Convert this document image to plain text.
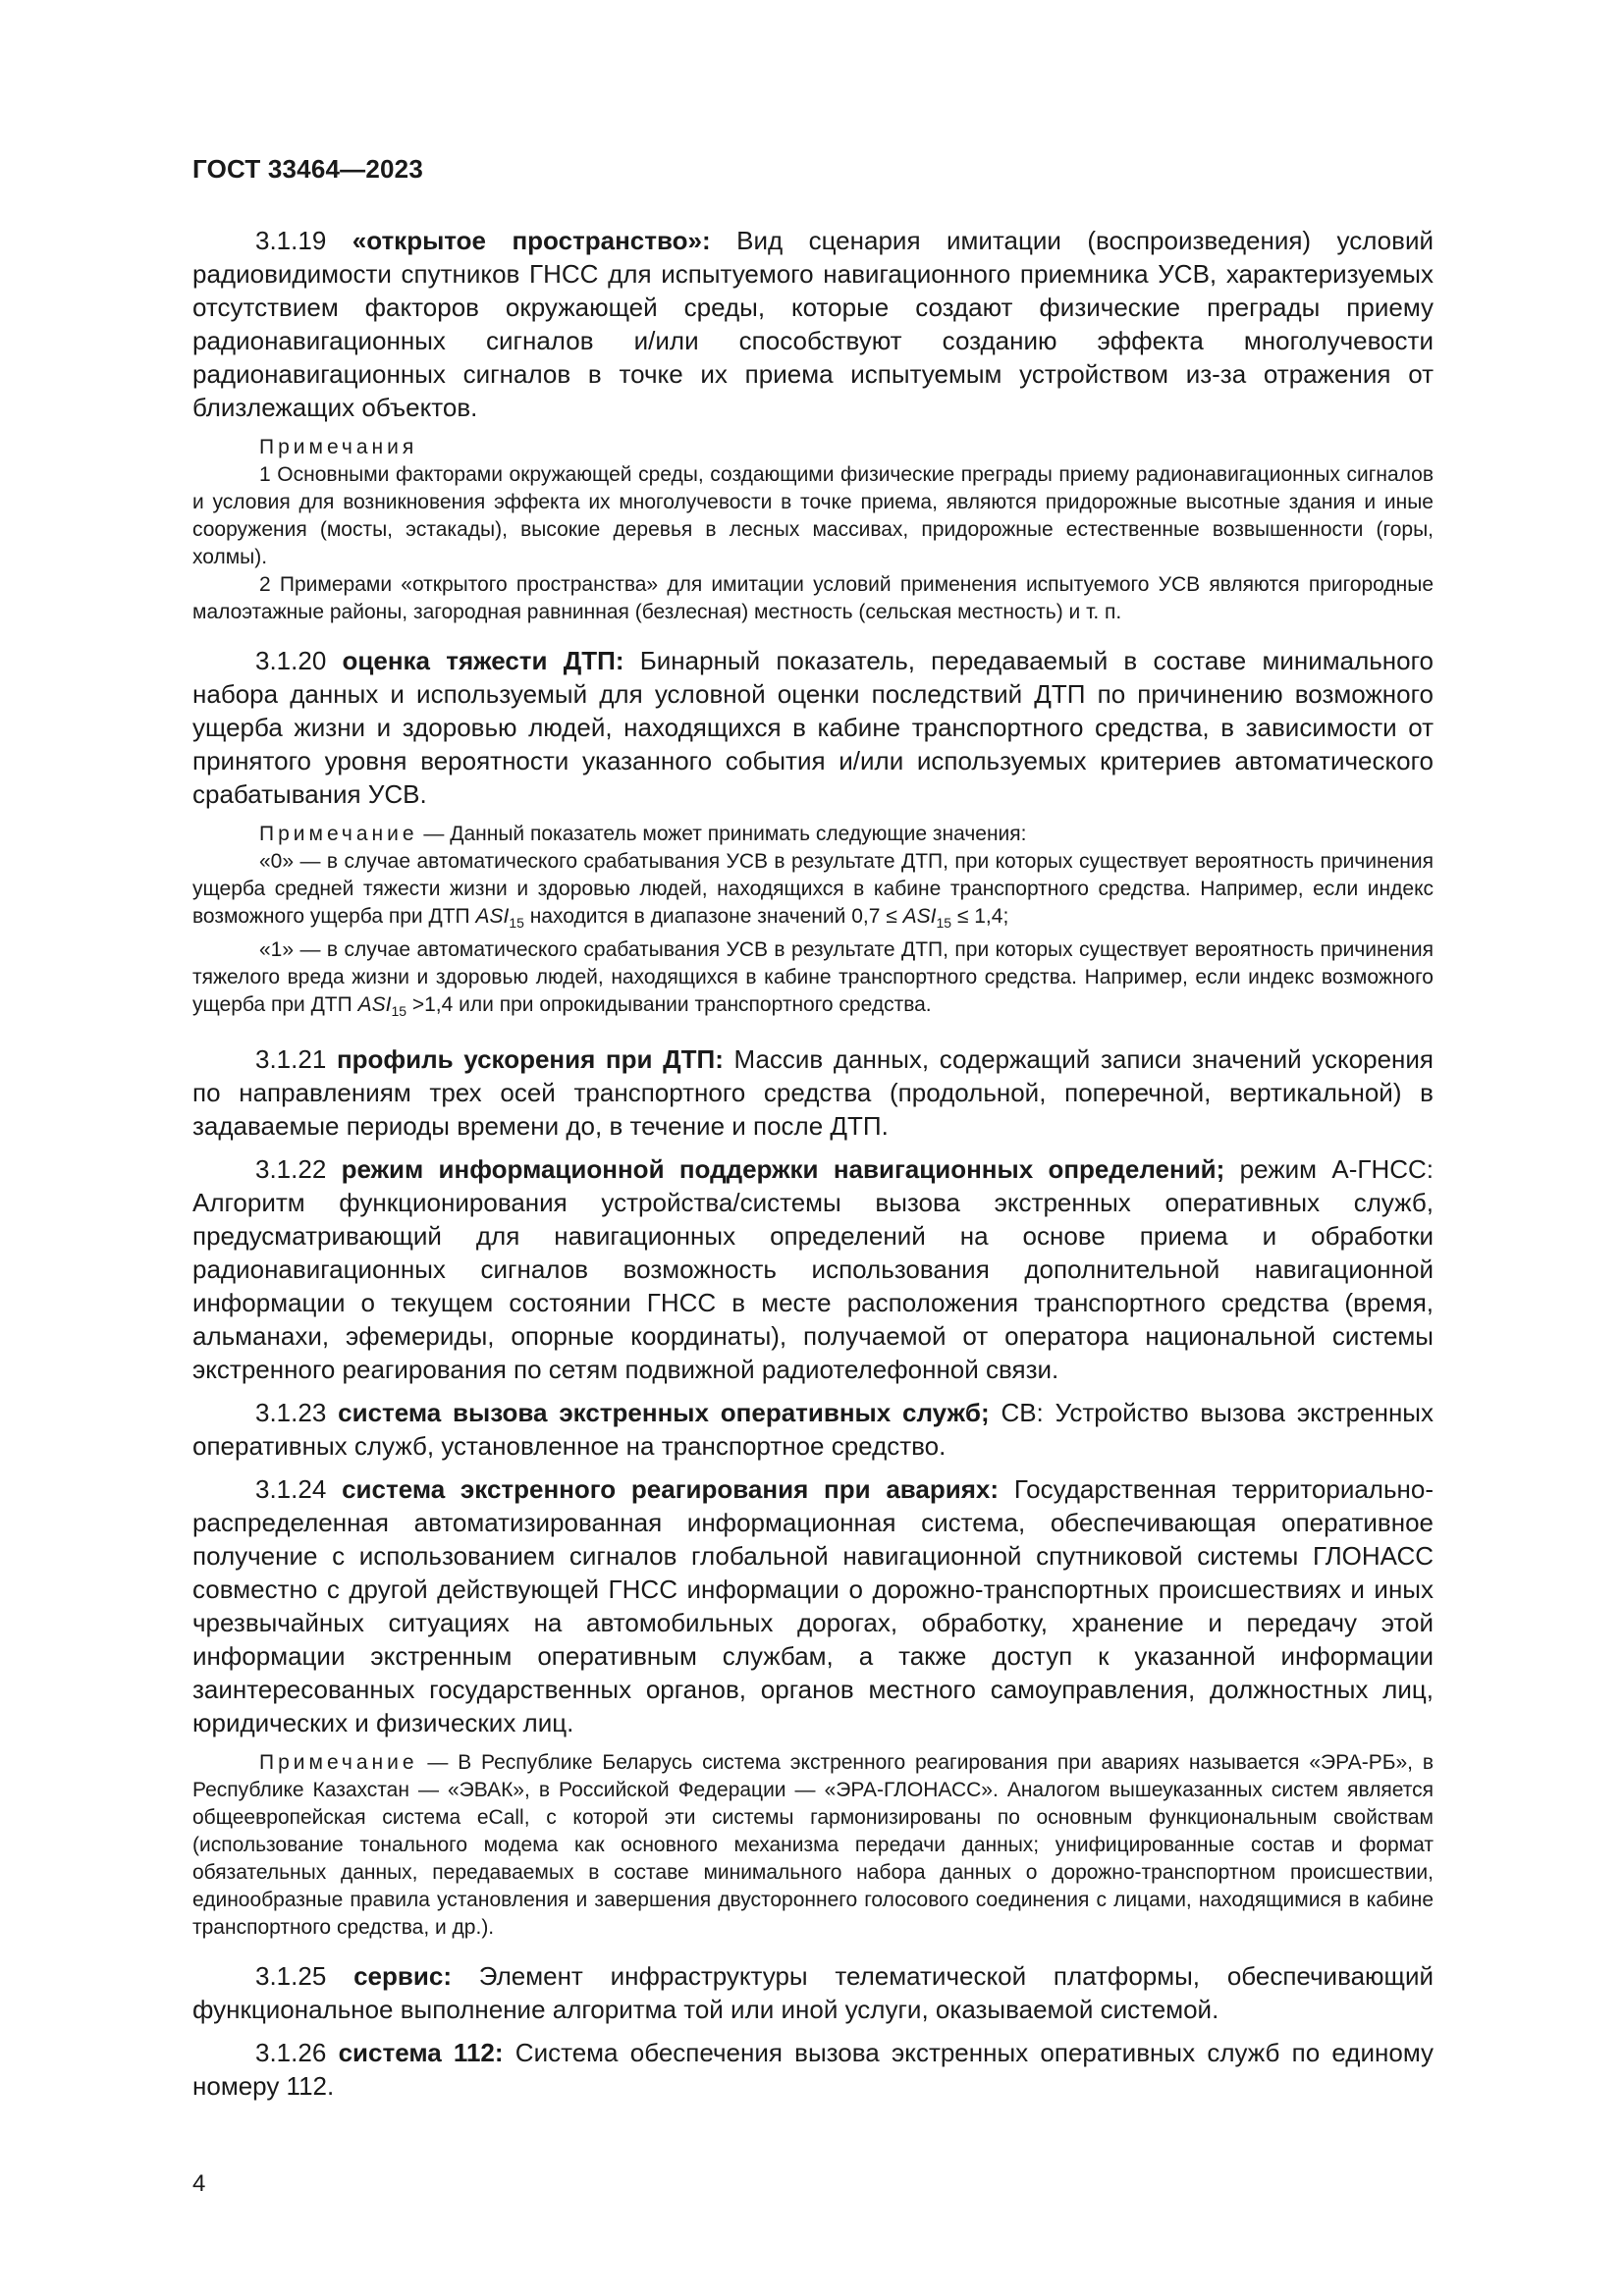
ГОСТ 33464—2023

3.1.19 «открытое пространство»: Вид сценария имитации (воспроизведения) условий радиовидимости спутников ГНСС для испытуемого навигационного приемника УСВ, характеризуемых отсутствием факторов окружающей среды, которые создают физические преграды приему радионавигационных сигналов и/или способствуют созданию эффекта многолучевости радионавигационных сигналов в точке их приема испытуемым устройством из-за отражения от близлежащих объектов.

Примечания

1 Основными факторами окружающей среды, создающими физические преграды приему радионавигационных сигналов и условия для возникновения эффекта их многолучевости в точке приема, являются придорожные высотные здания и иные сооружения (мосты, эстакады), высокие деревья в лесных массивах, придорожные естественные возвышенности (горы, холмы).

2 Примерами «открытого пространства» для имитации условий применения испытуемого УСВ являются пригородные малоэтажные районы, загородная равнинная (безлесная) местность (сельская местность) и т. п.

3.1.20 оценка тяжести ДТП: Бинарный показатель, передаваемый в составе минимального набора данных и используемый для условной оценки последствий ДТП по причинению возможного ущерба жизни и здоровью людей, находящихся в кабине транспортного средства, в зависимости от принятого уровня вероятности указанного события и/или используемых критериев автоматического срабатывания УСВ.

Примечание — Данный показатель может принимать следующие значения:

«0» — в случае автоматического срабатывания УСВ в результате ДТП, при которых существует вероятность причинения ущерба средней тяжести жизни и здоровью людей, находящихся в кабине транспортного средства. Например, если индекс возможного ущерба при ДТП $ASI_{15}$ находится в диапазоне значений $0,7 \le ASI_{15} \le 1,4$;

«1» — в случае автоматического срабатывания УСВ в результате ДТП, при которых существует вероятность причинения тяжелого вреда жизни и здоровью людей, находящихся в кабине транспортного средства. Например, если индекс возможного ущерба при ДТП $ASI_{15} >1,4$ или при опрокидывании транспортного средства.

3.1.21 профиль ускорения при ДТП: Массив данных, содержащий записи значений ускорения по направлениям трех осей транспортного средства (продольной, поперечной, вертикальной) в задаваемые периоды времени до, в течение и после ДТП.

3.1.22 режим информационной поддержки навигационных определений; режим А-ГНСС: Алгоритм функционирования устройства/системы вызова экстренных оперативных служб, предусматривающий для навигационных определений на основе приема и обработки радионавигационных сигналов возможность использования дополнительной навигационной информации о текущем состоянии ГНСС в месте расположения транспортного средства (время, альманахи, эфемериды, опорные координаты), получаемой от оператора национальной системы экстренного реагирования по сетям подвижной радиотелефонной связи.

3.1.23 система вызова экстренных оперативных служб; СВ: Устройство вызова экстренных оперативных служб, установленное на транспортное средство.

3.1.24 система экстренного реагирования при авариях: Государственная территориально-распределенная автоматизированная информационная система, обеспечивающая оперативное получение с использованием сигналов глобальной навигационной спутниковой системы ГЛОНАСС совместно с другой действующей ГНСС информации о дорожно-транспортных происшествиях и иных чрезвычайных ситуациях на автомобильных дорогах, обработку, хранение и передачу этой информации экстренным оперативным службам, а также доступ к указанной информации заинтересованных государственных органов, органов местного самоуправления, должностных лиц, юридических и физических лиц.

Примечание — В Республике Беларусь система экстренного реагирования при авариях называется «ЭРА-РБ», в Республике Казахстан — «ЭВАК», в Российской Федерации — «ЭРА-ГЛОНАСС». Аналогом вышеуказанных систем является общеевропейская система eCall, с которой эти системы гармонизированы по основным функциональным свойствам (использование тонального модема как основного механизма передачи данных; унифицированные состав и формат обязательных данных, передаваемых в составе минимального набора данных о дорожно-транспортном происшествии, единообразные правила установления и завершения двустороннего голосового соединения с лицами, находящимися в кабине транспортного средства, и др.).

3.1.25 сервис: Элемент инфраструктуры телематической платформы, обеспечивающий функциональное выполнение алгоритма той или иной услуги, оказываемой системой.

3.1.26 система 112: Система обеспечения вызова экстренных оперативных служб по единому номеру 112.

4
